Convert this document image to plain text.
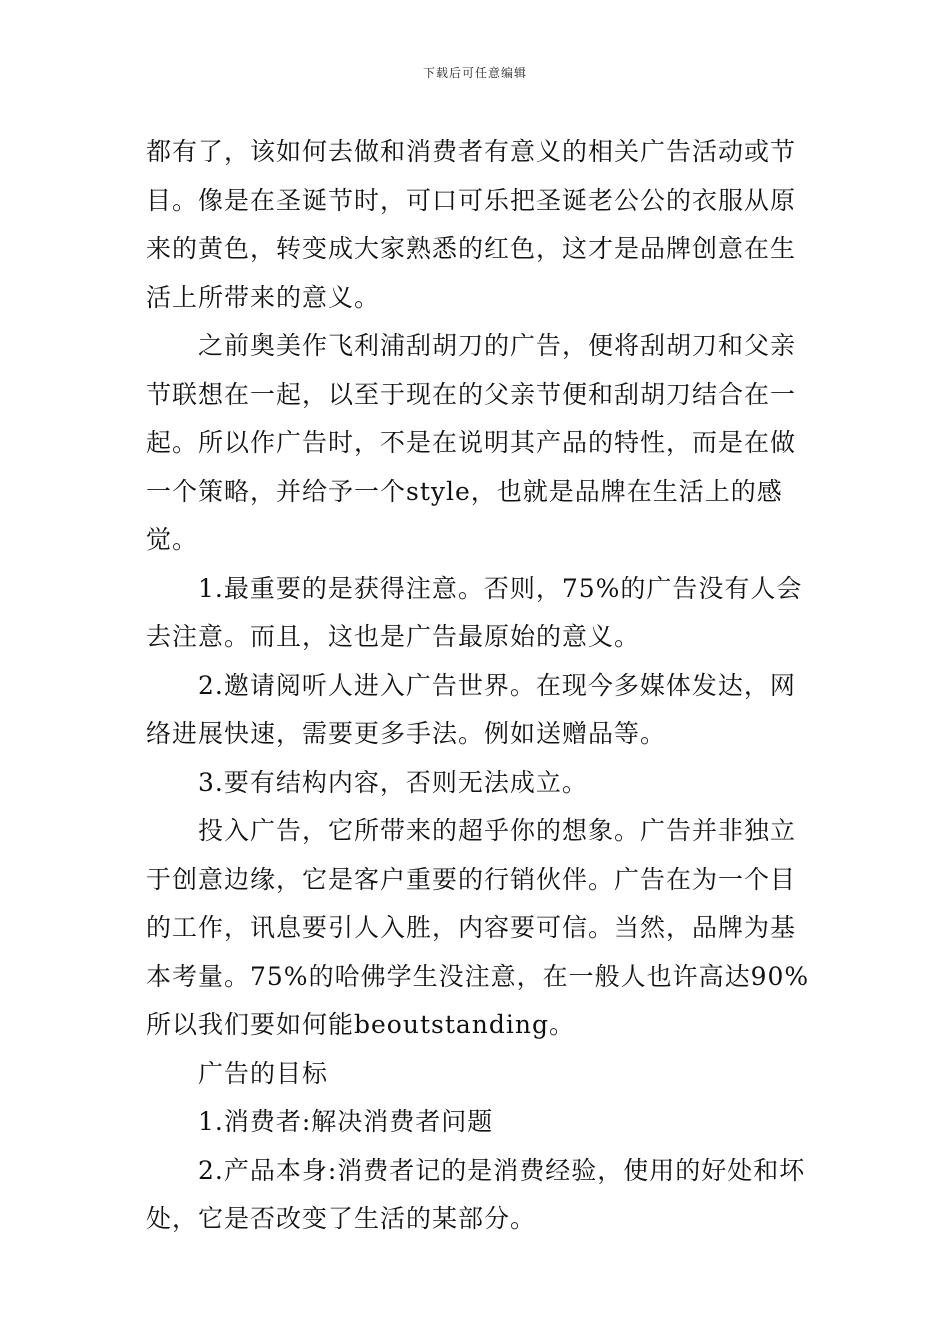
下载后可任意编辑

都有了，该如何去做和消费者有意义的相关广告活动或节目。像是在圣诞节时，可口可乐把圣诞老公公的衣服从原来的黄色，转变成大家熟悉的红色，这才是品牌创意在生活上所带来的意义。

之前奥美作飞利浦刮胡刀的广告，便将刮胡刀和父亲节联想在一起，以至于现在的父亲节便和刮胡刀结合在一起。所以作广告时，不是在说明其产品的特性，而是在做一个策略，并给予一个style，也就是品牌在生活上的感觉。

1.最重要的是获得注意。否则，75%的广告没有人会去注意。而且，这也是广告最原始的意义。

2.邀请阅听人进入广告世界。在现今多媒体发达，网络进展快速，需要更多手法。例如送赠品等。

3.要有结构内容，否则无法成立。

投入广告，它所带来的超乎你的想象。广告并非独立于创意边缘，它是客户重要的行销伙伴。广告在为一个目的工作，讯息要引人入胜，内容要可信。当然，品牌为基本考量。75%的哈佛学生没注意，在一般人也许高达90%所以我们要如何能beoutstanding。

广告的目标

1.消费者:解决消费者问题

2.产品本身:消费者记的是消费经验，使用的好处和坏处，它是否改变了生活的某部分。
